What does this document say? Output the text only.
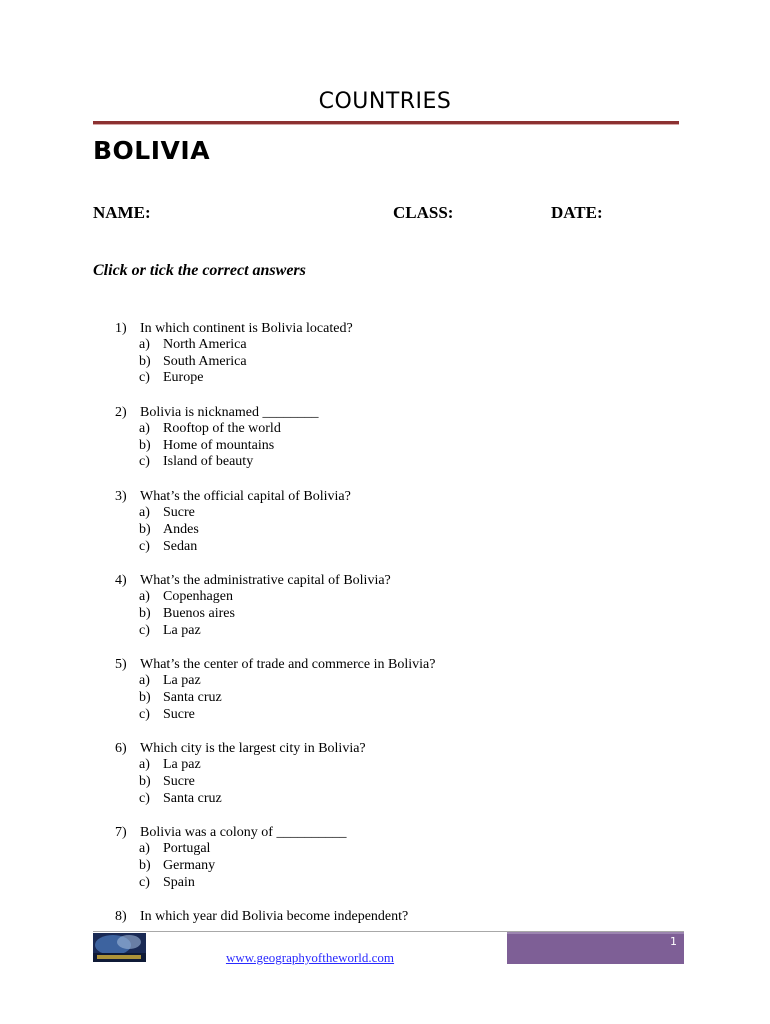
COUNTRIES
BOLIVIA
NAME:	CLASS:	DATE:
Click or tick the correct answers
1) In which continent is Bolivia located?
a) North America
b) South America
c) Europe
2) Bolivia is nicknamed ________
a) Rooftop of the world
b) Home of mountains
c) Island of beauty
3) What’s the official capital of Bolivia?
a) Sucre
b) Andes
c) Sedan
4) What’s the administrative capital of Bolivia?
a) Copenhagen
b) Buenos aires
c) La paz
5) What’s the center of trade and commerce in Bolivia?
a) La paz
b) Santa cruz
c) Sucre
6) Which city is the largest city in Bolivia?
a) La paz
b) Sucre
c) Santa cruz
7) Bolivia was a colony of __________
a) Portugal
b) Germany
c) Spain
8) In which year did Bolivia become independent?
1
www.geographyoftheworld.com
